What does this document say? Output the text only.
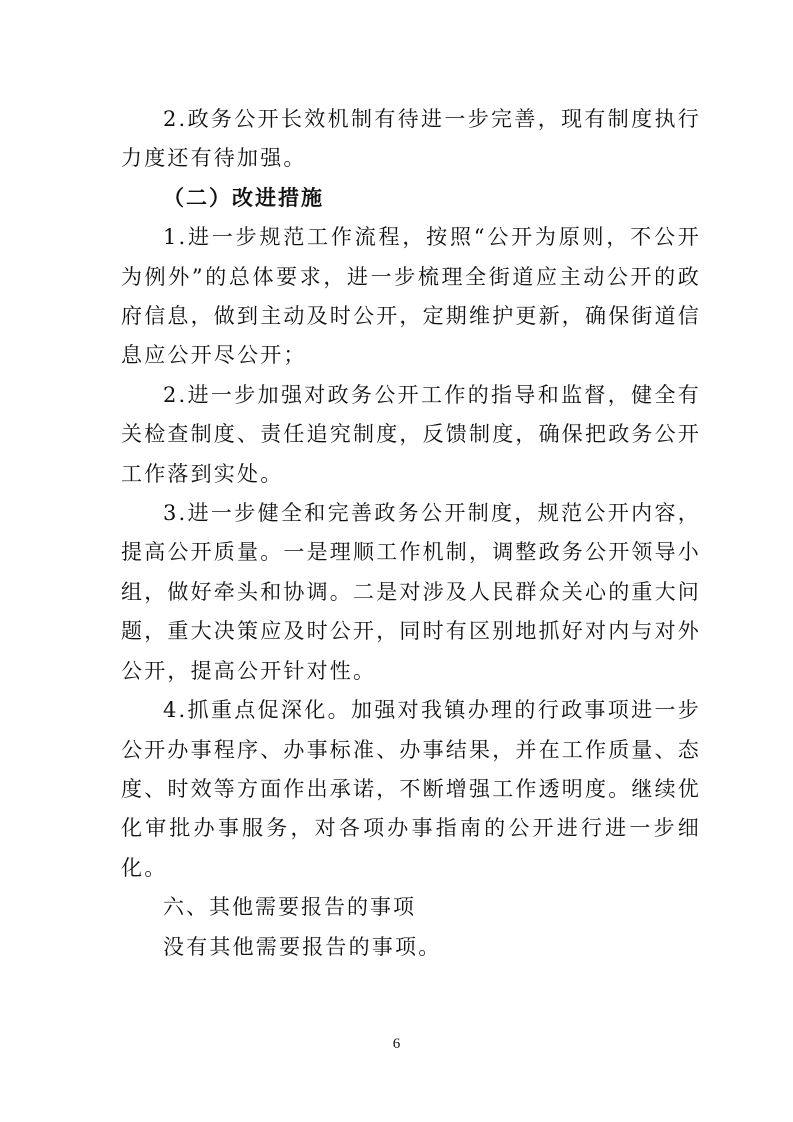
2.政务公开长效机制有待进一步完善，现有制度执行力度还有待加强。

（二）改进措施

1.进一步规范工作流程，按照“公开为原则，不公开为例外”的总体要求，进一步梳理全街道应主动公开的政府信息，做到主动及时公开，定期维护更新，确保街道信息应公开尽公开；

2.进一步加强对政务公开工作的指导和监督，健全有关检查制度、责任追究制度，反馈制度，确保把政务公开工作落到实处。

3.进一步健全和完善政务公开制度，规范公开内容，提高公开质量。一是理顺工作机制，调整政务公开领导小组，做好牵头和协调。二是对涉及人民群众关心的重大问题，重大决策应及时公开，同时有区别地抓好对内与对外公开，提高公开针对性。

4.抓重点促深化。加强对我镇办理的行政事项进一步公开办事程序、办事标准、办事结果，并在工作质量、态度、时效等方面作出承诺，不断增强工作透明度。继续优化审批办事服务，对各项办事指南的公开进行进一步细化。

六、其他需要报告的事项

没有其他需要报告的事项。

6
